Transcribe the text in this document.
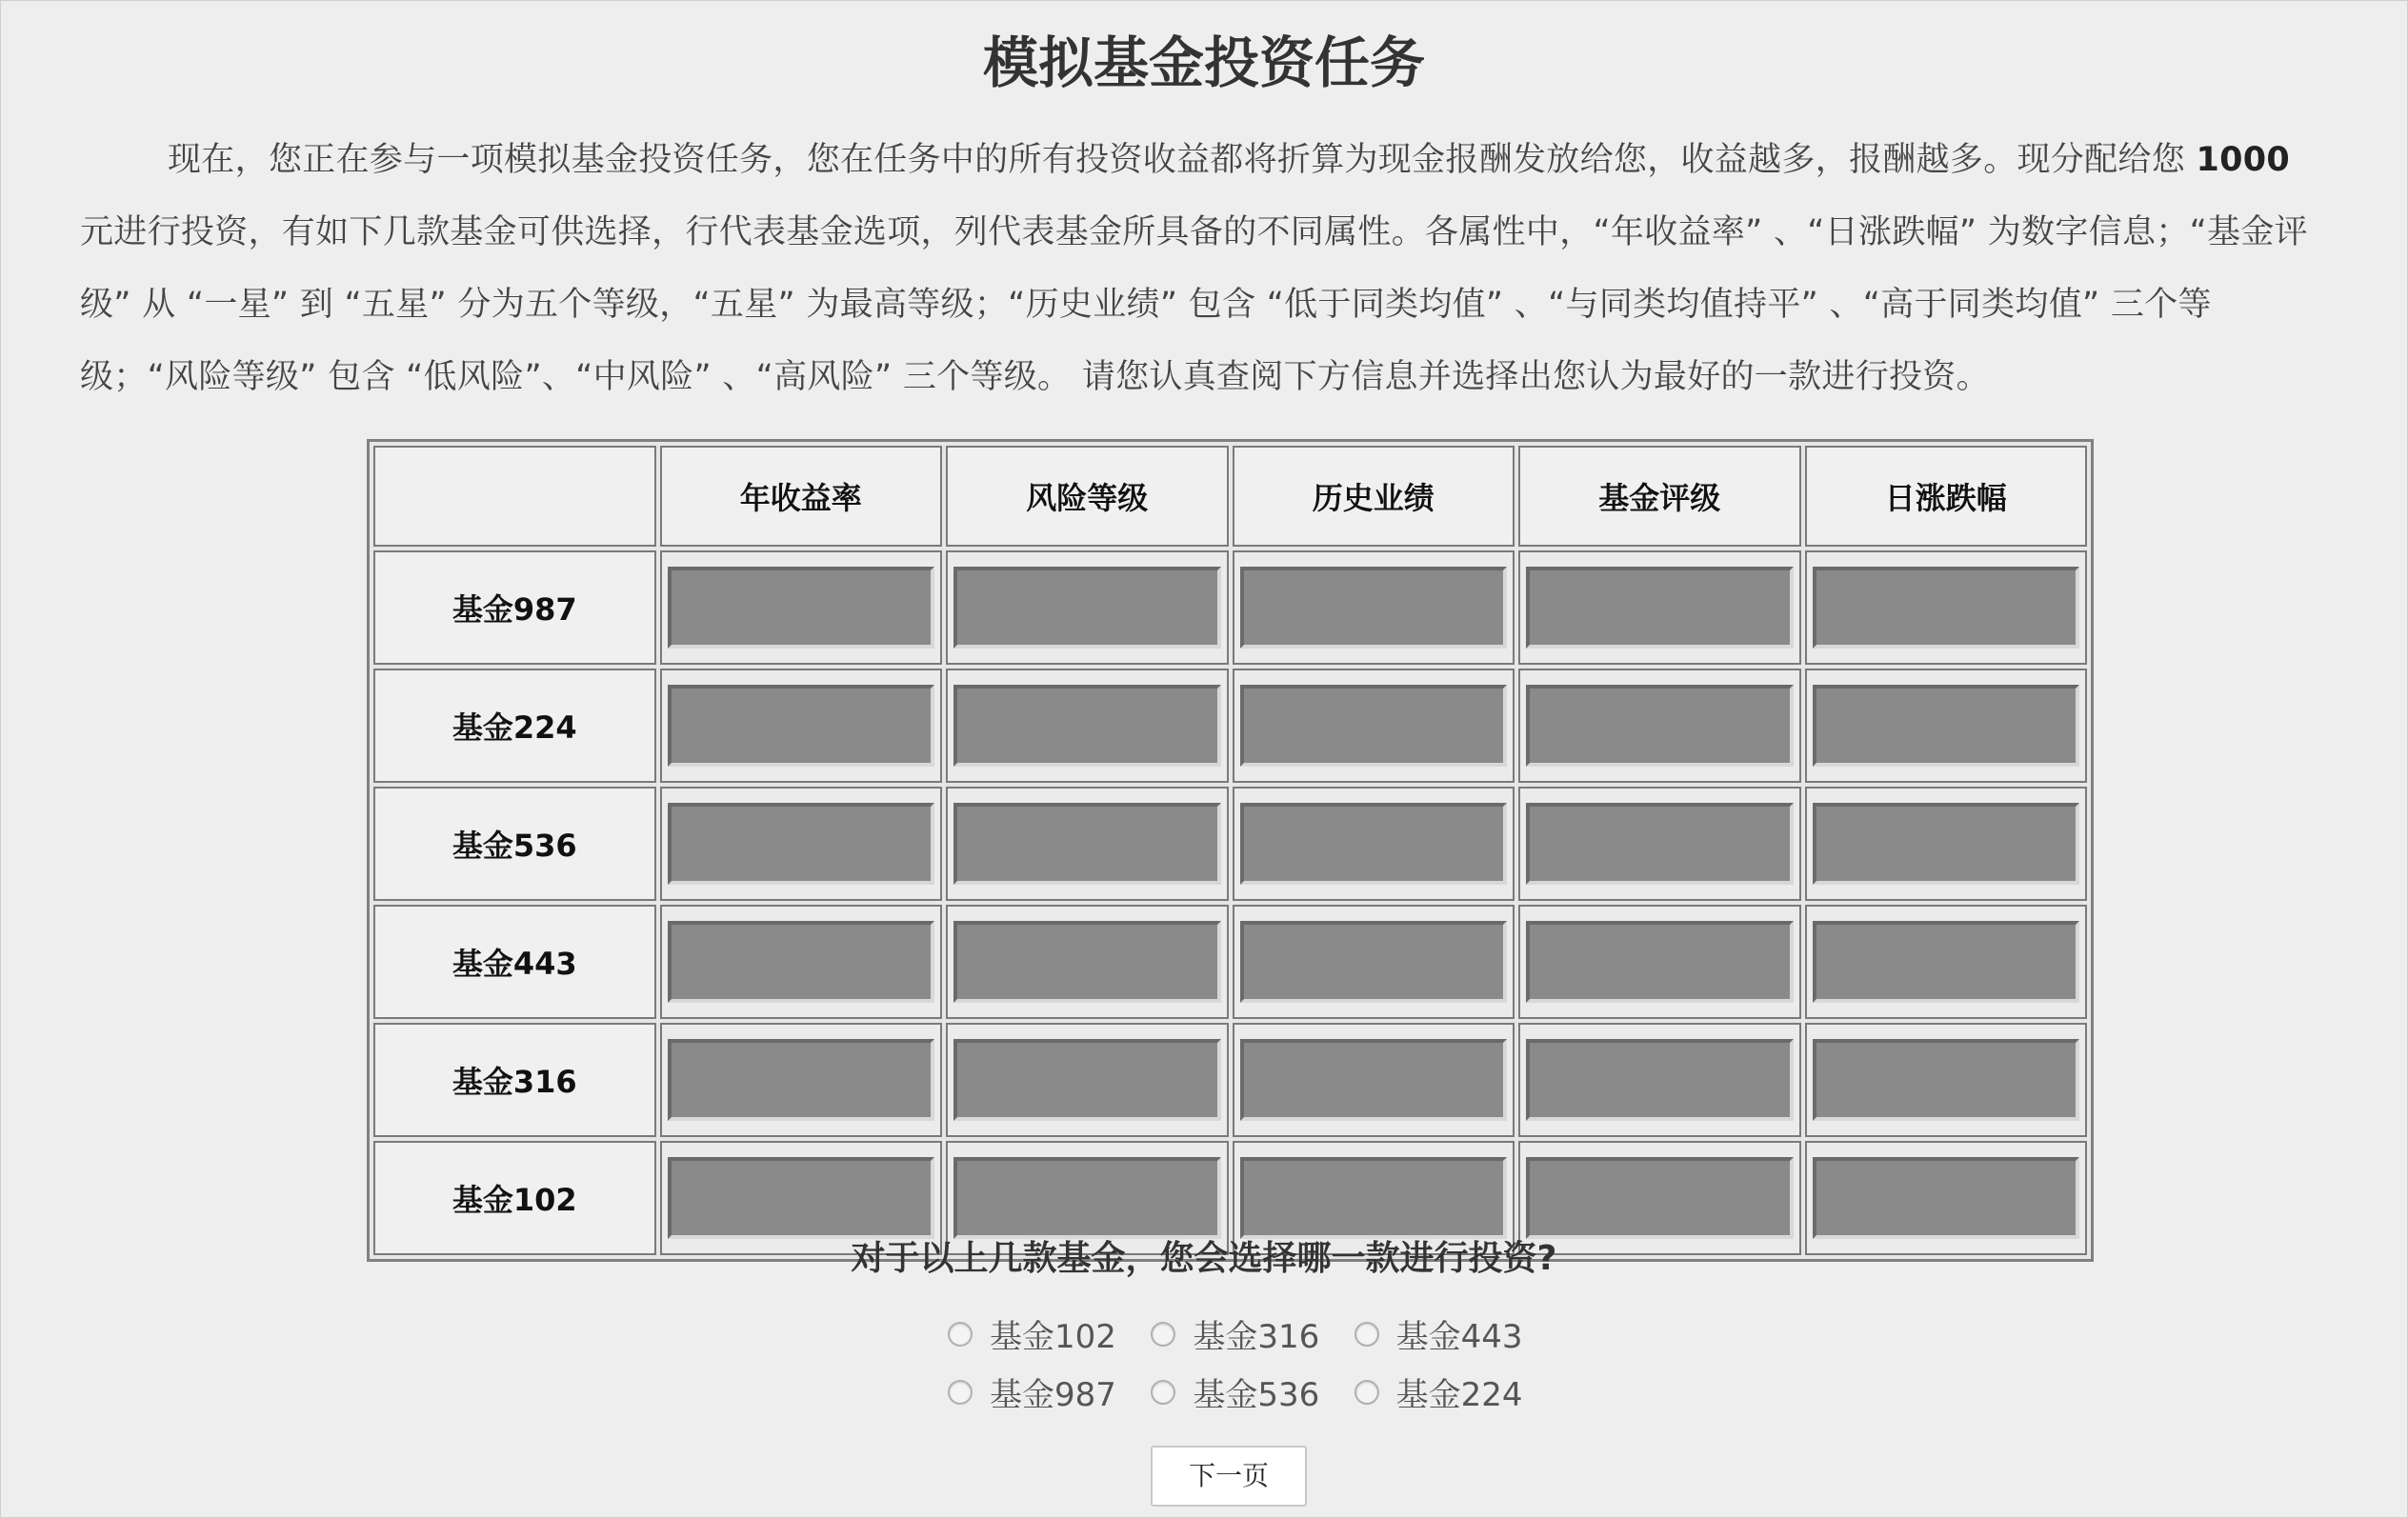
模拟基金投资任务

现在，您正在参与一项模拟基金投资任务，您在任务中的所有投资收益都将折算为现金报酬发放给您，收益越多，报酬越多。现分配给您 1000 元进行投资，有如下几款基金可供选择，行代表基金选项，列代表基金所具备的不同属性。各属性中，“年收益率” 、“日涨跌幅” 为数字信息；“基金评级” 从 “一星” 到 “五星” 分为五个等级，“五星” 为最高等级；“历史业绩” 包含 “低于同类均值” 、“与同类均值持平” 、“高于同类均值” 三个等级；“风险等级” 包含 “低风险”、“中风险” 、“高风险” 三个等级。 请您认真查阅下方信息并选择出您认为最好的一款进行投资。

	年收益率	风险等级	历史业绩	基金评级	日涨跌幅
基金987	

基金224	

基金536	

基金443	

基金316	

基金102	

对于以上几款基金，您会选择哪一款进行投资?

基金102 基金316 基金443
基金987 基金536 基金224
下一页
